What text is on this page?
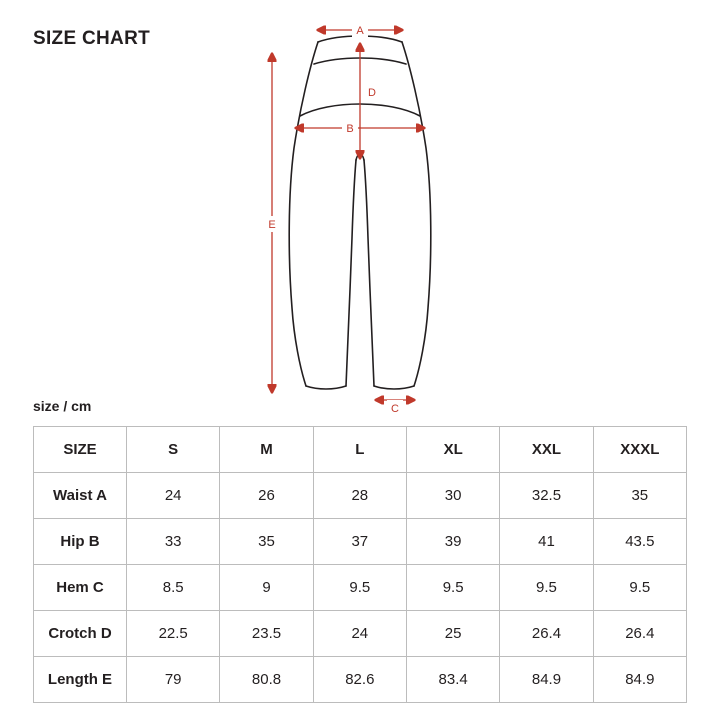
SIZE CHART
size / cm
A
B
C
D
E
SIZE	S	M	L	XL	XXL	XXXL
Waist A	24	26	28	30	32.5	35
Hip B	33	35	37	39	41	43.5
Hem C	8.5	9	9.5	9.5	9.5	9.5
Crotch D	22.5	23.5	24	25	26.4	26.4
Length E	79	80.8	82.6	83.4	84.9	84.9
